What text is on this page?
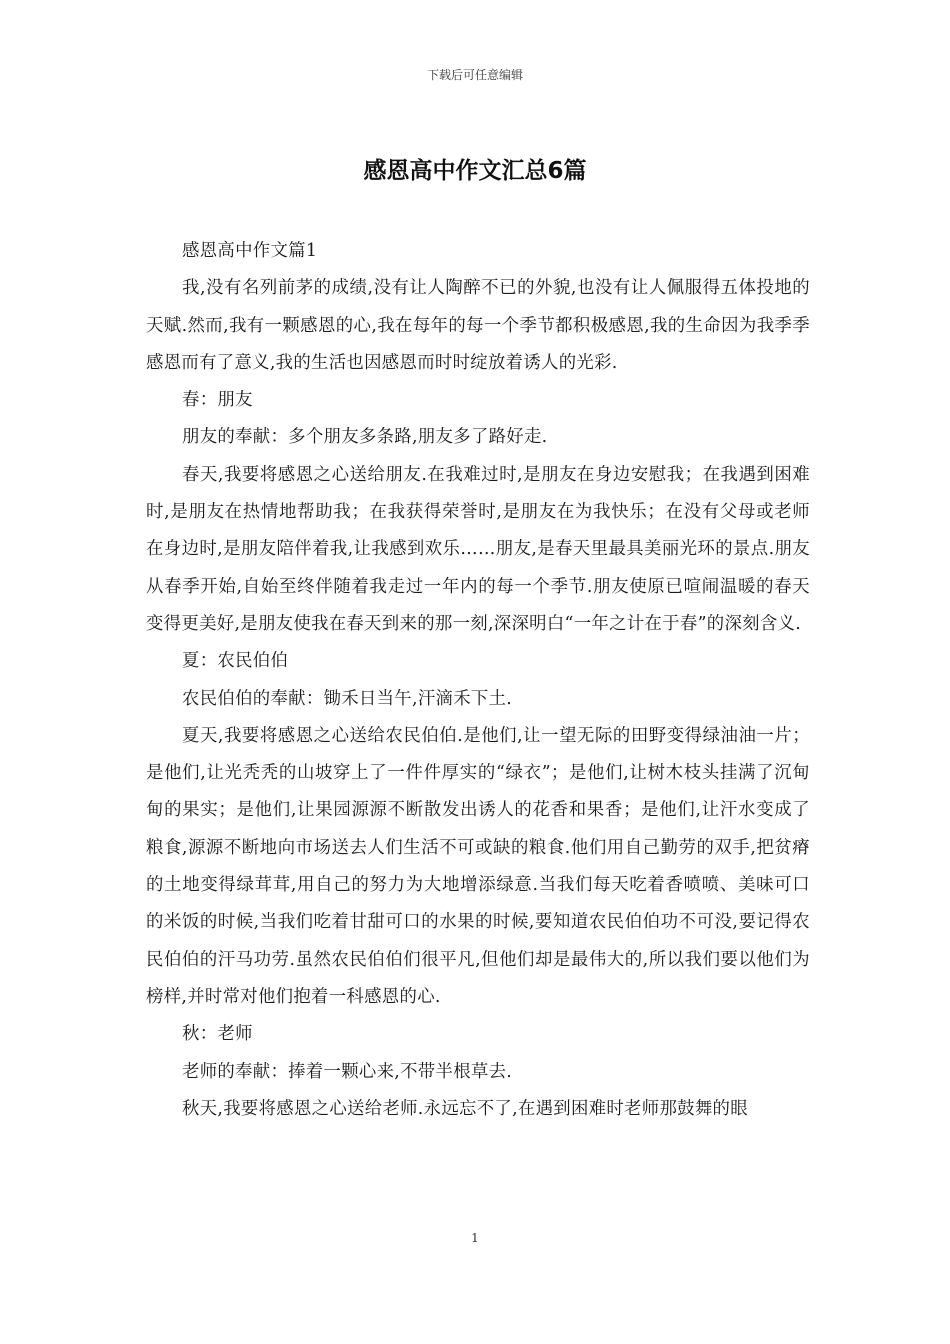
下载后可任意编辑
感恩高中作文汇总6篇

感恩高中作文篇1

我,没有名列前茅的成绩,没有让人陶醉不已的外貌,也没有让人佩服得五体投地的天赋.然而,我有一颗感恩的心,我在每年的每一个季节都积极感恩,我的生命因为我季季感恩而有了意义,我的生活也因感恩而时时绽放着诱人的光彩.

春：朋友

朋友的奉献：多个朋友多条路,朋友多了路好走.

春天,我要将感恩之心送给朋友.在我难过时,是朋友在身边安慰我；在我遇到困难时,是朋友在热情地帮助我；在我获得荣誉时,是朋友在为我快乐；在没有父母或老师在身边时,是朋友陪伴着我,让我感到欢乐……朋友,是春天里最具美丽光环的景点.朋友从春季开始,自始至终伴随着我走过一年内的每一个季节.朋友使原已喧闹温暖的春天变得更美好,是朋友使我在春天到来的那一刻,深深明白“一年之计在于春”的深刻含义.

夏：农民伯伯

农民伯伯的奉献：锄禾日当午,汗滴禾下土.

夏天,我要将感恩之心送给农民伯伯.是他们,让一望无际的田野变得绿油油一片；是他们,让光秃秃的山坡穿上了一件件厚实的“绿衣”；是他们,让树木枝头挂满了沉甸甸的果实；是他们,让果园源源不断散发出诱人的花香和果香；是他们,让汗水变成了粮食,源源不断地向市场送去人们生活不可或缺的粮食.他们用自己勤劳的双手,把贫瘠的土地变得绿茸茸,用自己的努力为大地增添绿意.当我们每天吃着香喷喷、美味可口的米饭的时候,当我们吃着甘甜可口的水果的时候,要知道农民伯伯功不可没,要记得农民伯伯的汗马功劳.虽然农民伯伯们很平凡,但他们却是最伟大的,所以我们要以他们为榜样,并时常对他们抱着一科感恩的心.

秋：老师

老师的奉献：捧着一颗心来,不带半根草去.

秋天,我要将感恩之心送给老师.永远忘不了,在遇到困难时老师那鼓舞的眼

1
